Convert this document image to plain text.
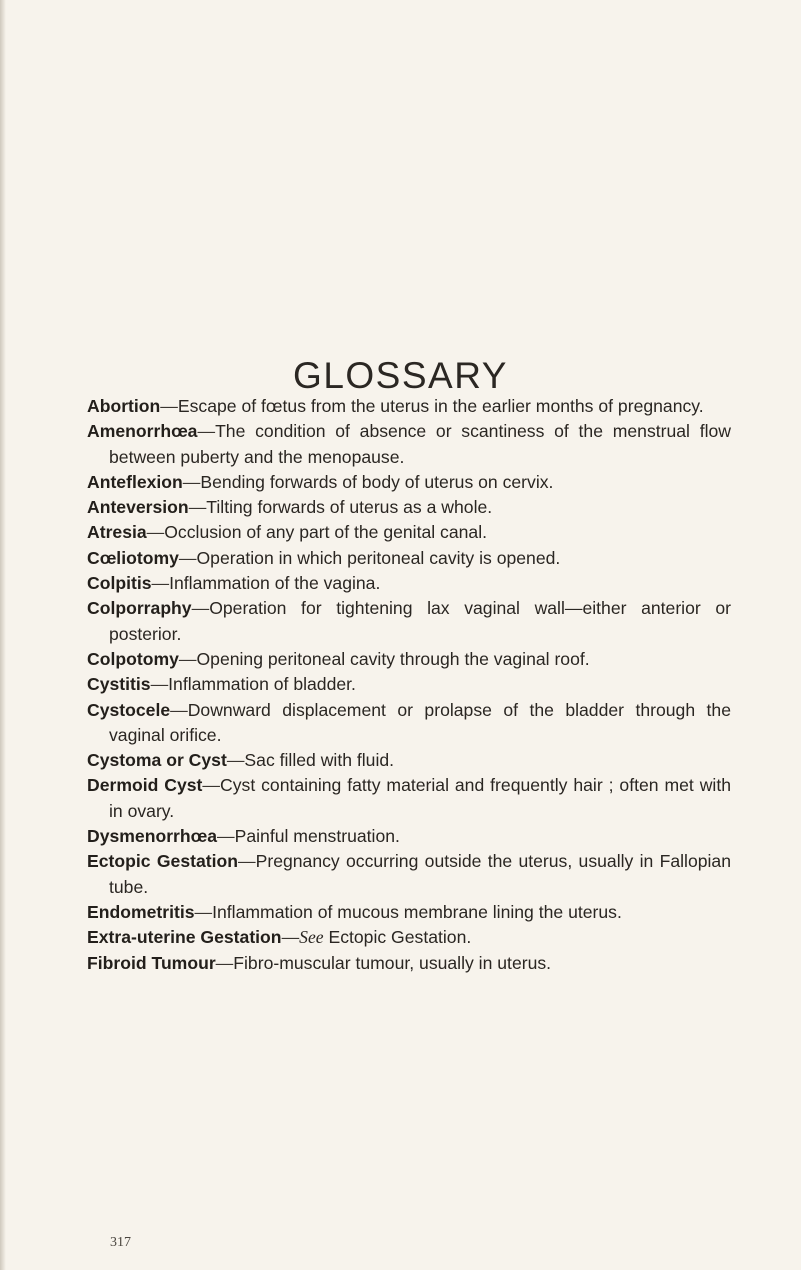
GLOSSARY
Abortion—Escape of fœtus from the uterus in the earlier months of pregnancy.
Amenorrhœa—The condition of absence or scantiness of the menstrual flow between puberty and the menopause.
Anteflexion—Bending forwards of body of uterus on cervix.
Anteversion—Tilting forwards of uterus as a whole.
Atresia—Occlusion of any part of the genital canal.
Cœliotomy—Operation in which peritoneal cavity is opened.
Colpitis—Inflammation of the vagina.
Colporraphy—Operation for tightening lax vaginal wall—either anterior or posterior.
Colpotomy—Opening peritoneal cavity through the vaginal roof.
Cystitis—Inflammation of bladder.
Cystocele—Downward displacement or prolapse of the bladder through the vaginal orifice.
Cystoma or Cyst—Sac filled with fluid.
Dermoid Cyst—Cyst containing fatty material and frequently hair ; often met with in ovary.
Dysmenorrhœa—Painful menstruation.
Ectopic Gestation—Pregnancy occurring outside the uterus, usually in Fallopian tube.
Endometritis—Inflammation of mucous membrane lining the uterus.
Extra-uterine Gestation—See Ectopic Gestation.
Fibroid Tumour—Fibro-muscular tumour, usually in uterus.
317
